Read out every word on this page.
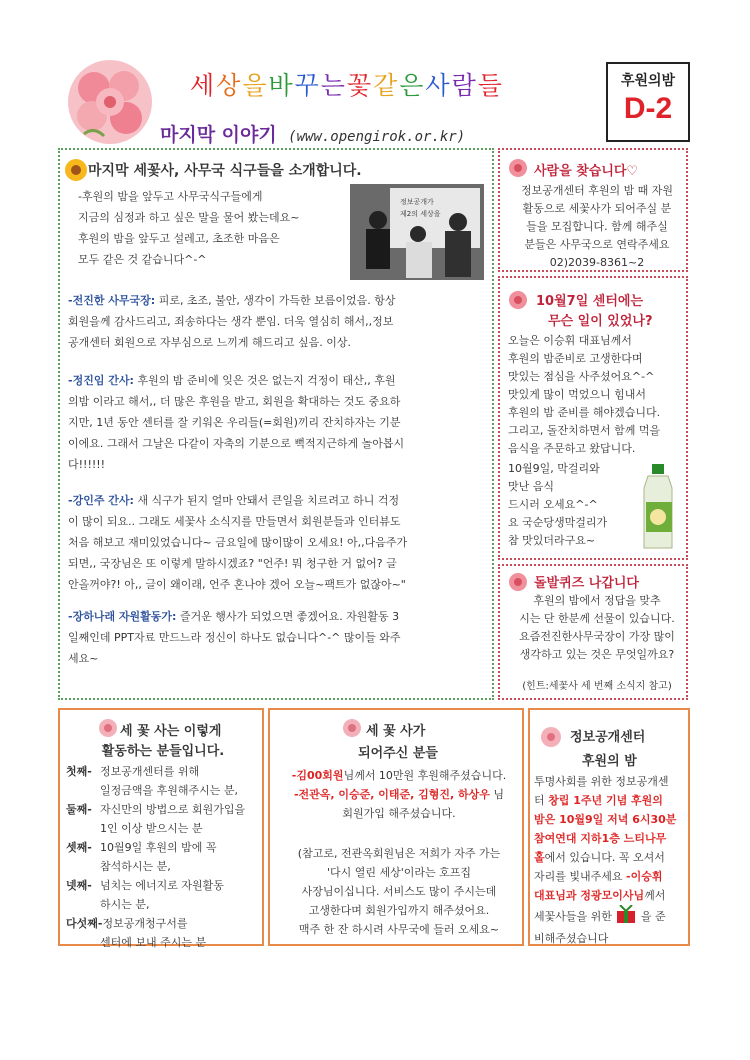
세상을바꾸는꽃같은사람들
마지막 이야기 (www.opengirok.or.kr)
후원의밤
D-2
마지막 세꽃사, 사무국 식구들을 소개합니다.
-후원의 밤을 앞두고 사무국식구들에게
지금의 심정과 하고 싶은 말을 물어 봤는데요~
후원의 밤을 앞두고 설레고, 초조한 마음은
모두 같은 것 같습니다^-^
정보공개가
제2의 세상을
-전진한 사무국장: 피로, 초조, 불안, 생각이 가득한 보름이었음. 항상
회원을께 감사드리고, 죄송하다는 생각 뿐임. 더욱 열심히 해서,,정보
공개센터 회원으로 자부심으로 느끼게 해드리고 싶음. 이상.
-정진임 간사: 후원의 밤 준비에 잊은 것은 없는지 걱정이 태산,, 후원
의밤 이라고 해서,, 더 많은 후원을 받고, 회원을 확대하는 것도 중요하
지만, 1년 동안 센터를 잘 키워온 우리들(=회원)끼리 잔치하자는 기분
이에요. 그래서 그날은 다같이 자축의 기분으로 뻑적지근하게 놀아봅시
다!!!!!!
-강인주 간사: 새 식구가 된지 얼마 안돼서 큰일을 치르려고 하니 걱정
이 많이 되요.. 그래도 세꽃사 소식지를 만들면서 회원분들과 인터뷰도
처음 해보고 재미있었습니다~ 금요일에 많이많이 오세요! 아,,다음주가
되면,, 국장님은 또 이렇게 말하시겠죠? "언주! 뭐 청구한 거 없어? 글
안올꺼야?! 아,, 글이 왜이래, 언주 혼나야 겠어 오늘~팩트가 없잖아~"
-장하나래 자원활동가: 즐거운 행사가 되었으면 좋겠어요. 자원활동 3
일째인데 PPT자료 만드느라 정신이 하나도 없습니다^-^ 많이들 와주
세요~
사람을 찾습니다♡
정보공개센터 후원의 밤 때 자원
활동으로 세꽃사가 되어주실 분
들을 모집합니다. 함께 해주실
분들은 사무국으로 연락주세요
02)2039-8361~2
10월7일 센터에는
무슨 일이 있었나?
오늘은 이승휘 대표님께서
후원의 밤준비로 고생한다며
맛있는 점심을 사주셨어요^-^
맛있게 많이 먹었으니 힘내서
후원의 밤 준비를 해야겠습니다.
그리고, 돌잔치하면서 함께 먹을
음식을 주문하고 왔답니다.
10월9일, 막걸리와
맛난 음식
드시러 오세요^-^
요 국순당생막걸리가
참 맛있더라구요~
돌발퀴즈 나갑니다
후원의 밤에서 정답을 맞추
시는 단 한분께 선물이 있습니다.
요즘전진한사무국장이 가장 많이
생각하고 있는 것은 무엇일까요?
(힌트:세꽃사 세 번째 소식지 참고)
세 꽃 사는 이렇게
활동하는 분들입니다.
첫째- 정보공개센터를 위해
일정금액을 후원해주시는 분,
둘째- 자신만의 방법으로 회원가입을
1인 이상 받으시는 분
셋째- 10월9일 후원의 밤에 꼭
참석하시는 분,
넷째- 넘치는 에너지로 자원활동
하시는 분,
다섯째-정보공개청구서를
센터에 보내 주시는 분
세 꽃 사가
되어주신 분들
-김00회원님께서 10만원 후원해주셨습니다.
-전관옥, 이승준, 이태준, 김형진, 하상우 님
회원가입 해주셨습니다.
(참고로, 전관옥회원님은 저희가 자주 가는
'다시 열린 세상'이라는 호프집
사장님이십니다. 서비스도 많이 주시는데
고생한다며 회원가입까지 해주셨어요.
맥주 한 잔 하시려 사무국에 들러 오세요~
정보공개센터
후원의 밤
투명사회를 위한 정보공개센
터 창립 1주년 기념 후원의
밤은 10월9일 저녁 6시30분
참여연대 지하1층 느티나무
홀에서 있습니다. 꼭 오셔서
자리를 빛내주세요 -이승휘
대표님과 정광모이사님께서
세꽃사들을 위한	을 준
비해주셨습니다
